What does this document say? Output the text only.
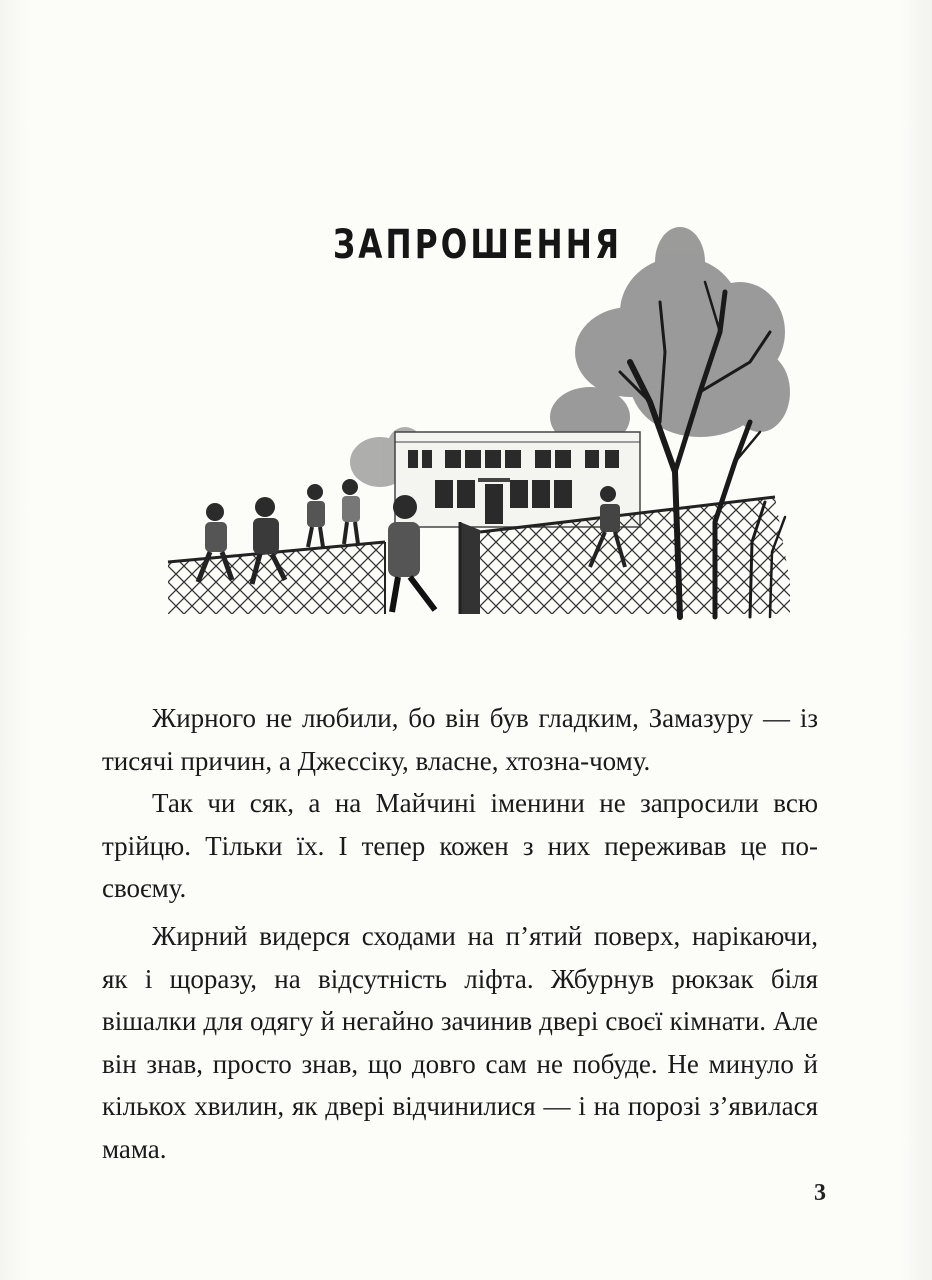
ЗАПРОШЕННЯ

Жирного не любили, бо він був гладким, Замазуру — із тисячі причин, а Джессіку, власне, хтозна-чому.

Так чи сяк, а на Майчині іменини не запросили всю трійцю. Тільки їх. І тепер кожен з них переживав це по-своєму.

Жирний видерся сходами на п’ятий поверх, нарікаючи, як і щоразу, на відсутність ліфта. Жбурнув рюкзак біля вішалки для одягу й негайно зачинив двері своєї кімнати. Але він знав, просто знав, що довго сам не побуде. Не минуло й кількох хвилин, як двері відчинилися — і на порозі з’явилася мама.

3
